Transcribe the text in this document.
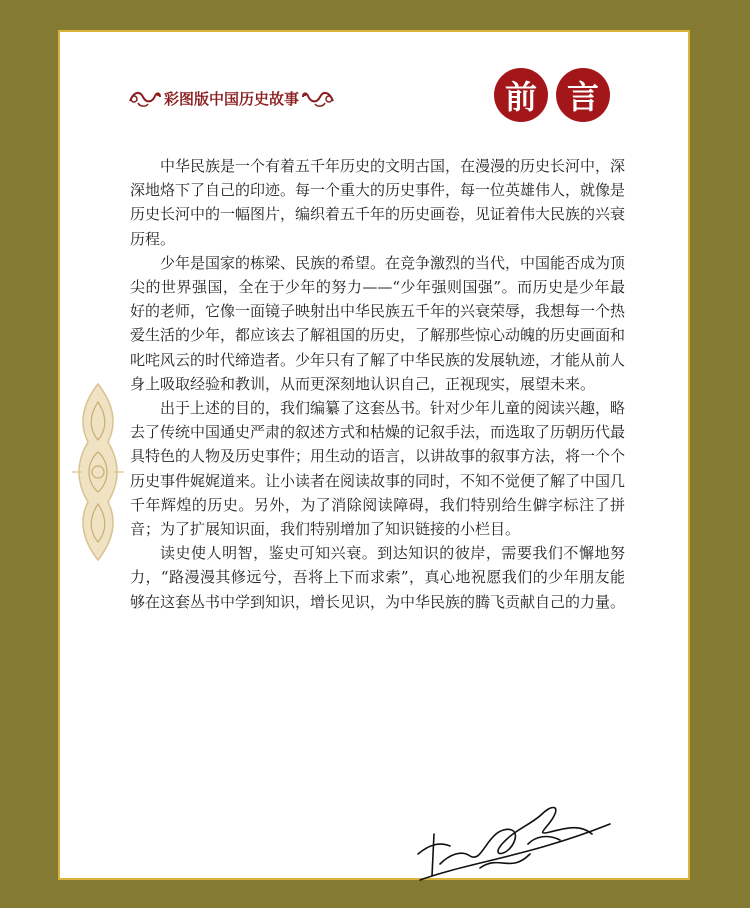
彩图版中国历史故事	前 言

中华民族是一个有着五千年历史的文明古国，在漫漫的历史长河中，深深地烙下了自己的印迹。每一个重大的历史事件，每一位英雄伟人，就像是历史长河中的一幅图片，编织着五千年的历史画卷，见证着伟大民族的兴衰历程。

少年是国家的栋梁、民族的希望。在竞争激烈的当代，中国能否成为顶尖的世界强国，全在于少年的努力——“少年强则国强”。而历史是少年最好的老师，它像一面镜子映射出中华民族五千年的兴衰荣辱，我想每一个热爱生活的少年，都应该去了解祖国的历史，了解那些惊心动魄的历史画面和叱咤风云的时代缔造者。少年只有了解了中华民族的发展轨迹，才能从前人身上吸取经验和教训，从而更深刻地认识自己，正视现实，展望未来。

出于上述的目的，我们编纂了这套丛书。针对少年儿童的阅读兴趣，略去了传统中国通史严肃的叙述方式和枯燥的记叙手法，而选取了历朝历代最具特色的人物及历史事件；用生动的语言，以讲故事的叙事方法，将一个个历史事件娓娓道来。让小读者在阅读故事的同时，不知不觉便了解了中国几千年辉煌的历史。另外，为了消除阅读障碍，我们特别给生僻字标注了拼音；为了扩展知识面，我们特别增加了知识链接的小栏目。

读史使人明智，鉴史可知兴衰。到达知识的彼岸，需要我们不懈地努力，“路漫漫其修远兮，吾将上下而求索”，真心地祝愿我们的少年朋友能够在这套丛书中学到知识，增长见识，为中华民族的腾飞贡献自己的力量。
